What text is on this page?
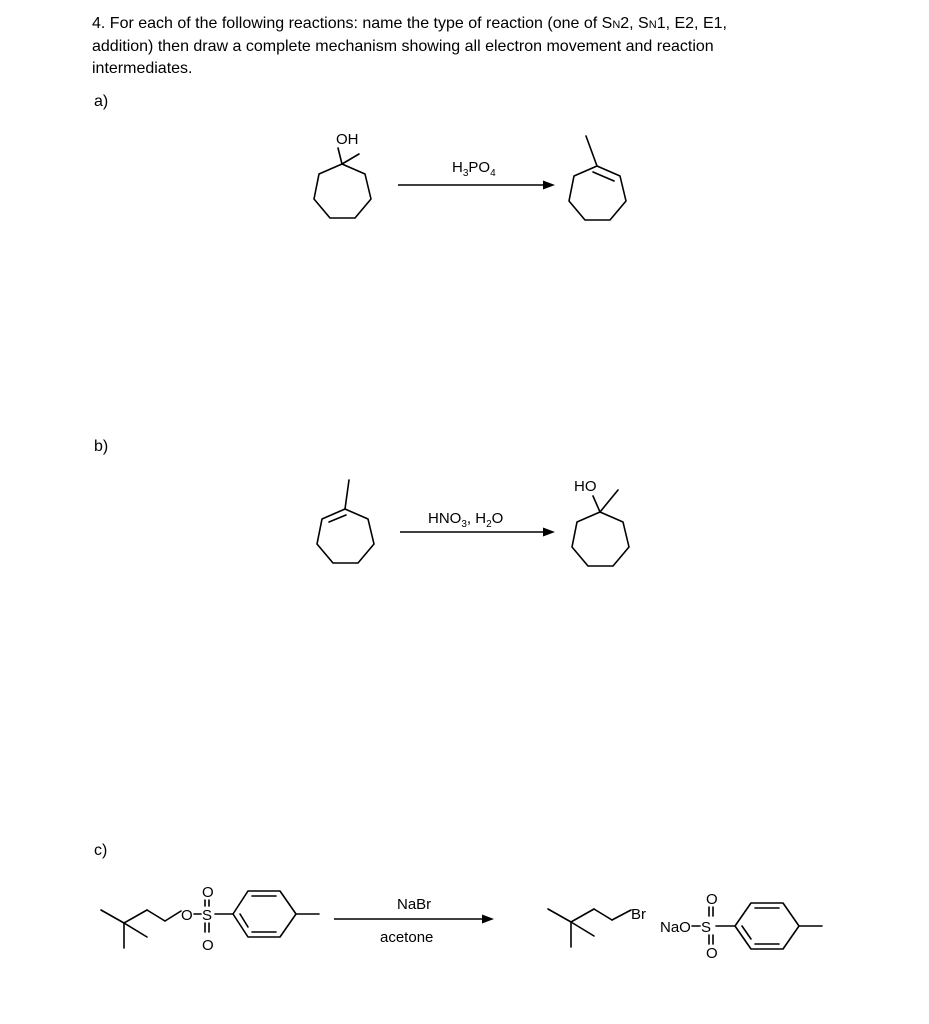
4. For each of the following reactions: name the type of reaction (one of SN2, SN1, E2, E1,
addition) then draw a complete mechanism showing all electron movement and reaction
intermediates.
a)
b)
c)
OH
$H_3PO_4$
$HNO_3$, $H_2O$
HO
O S
O
O
NaBr
acetone
Br
NaO S
O
O
